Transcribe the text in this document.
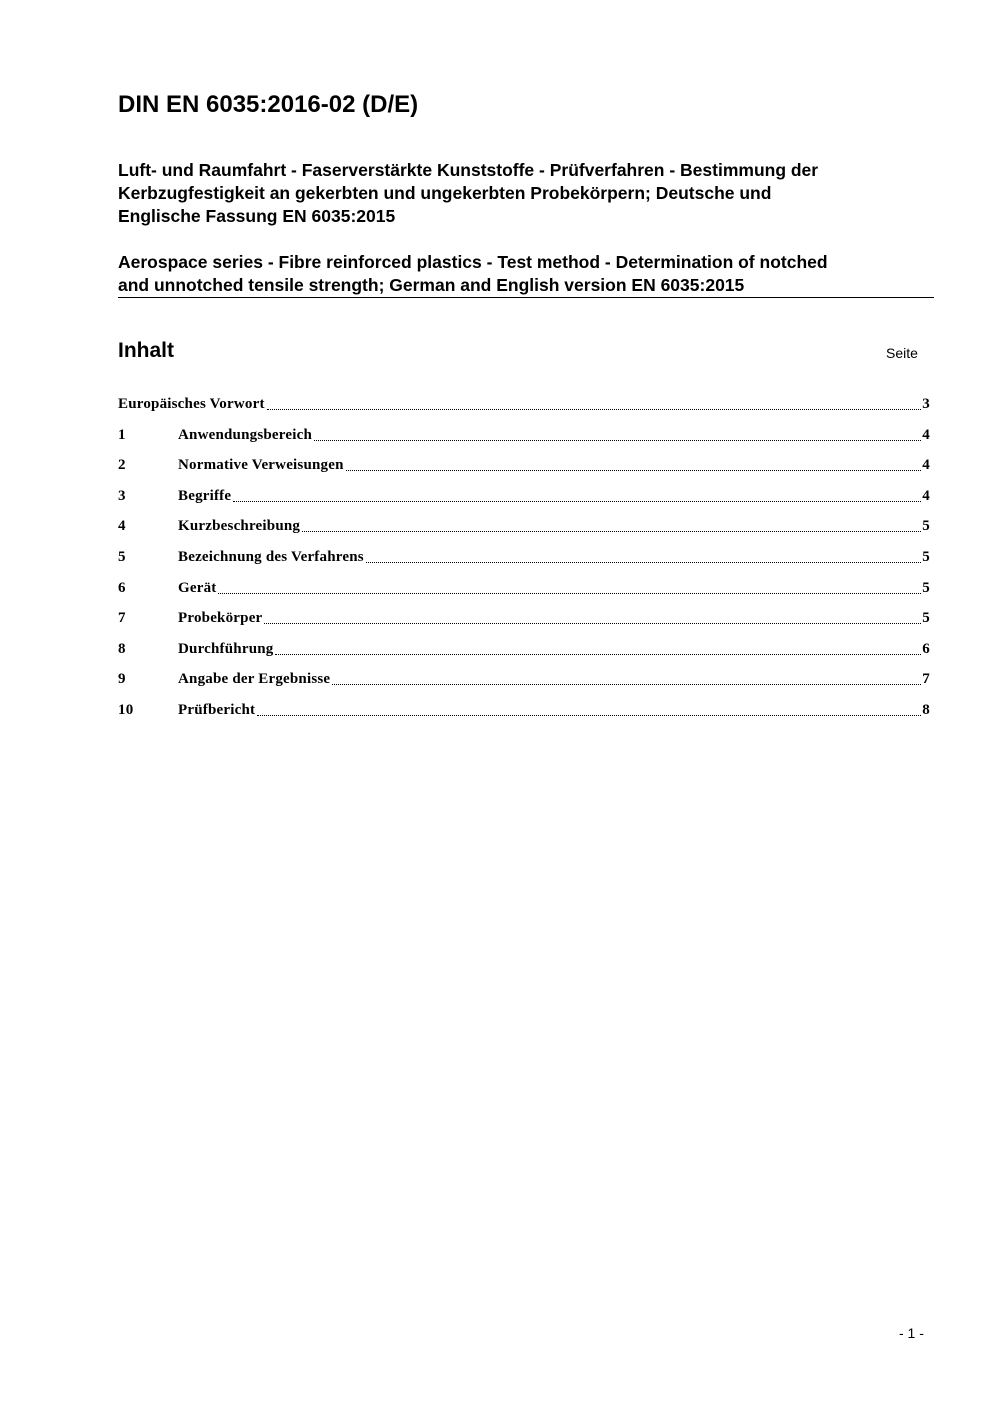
DIN EN 6035:2016-02 (D/E)
Luft- und Raumfahrt - Faserverstärkte Kunststoffe - Prüfverfahren - Bestimmung der
Kerbzugfestigkeit an gekerbten und ungekerbten Probekörpern; Deutsche und
Englische Fassung EN 6035:2015
Aerospace series - Fibre reinforced plastics - Test method - Determination of notched
and unnotched tensile strength; German and English version EN 6035:2015
Inhalt	Seite
Europäisches Vorwort	3
1	Anwendungsbereich	4
2	Normative Verweisungen	4
3	Begriffe	4
4	Kurzbeschreibung	5
5	Bezeichnung des Verfahrens	5
6	Gerät	5
7	Probekörper	5
8	Durchführung	6
9	Angabe der Ergebnisse	7
10	Prüfbericht	8
- 1 -
